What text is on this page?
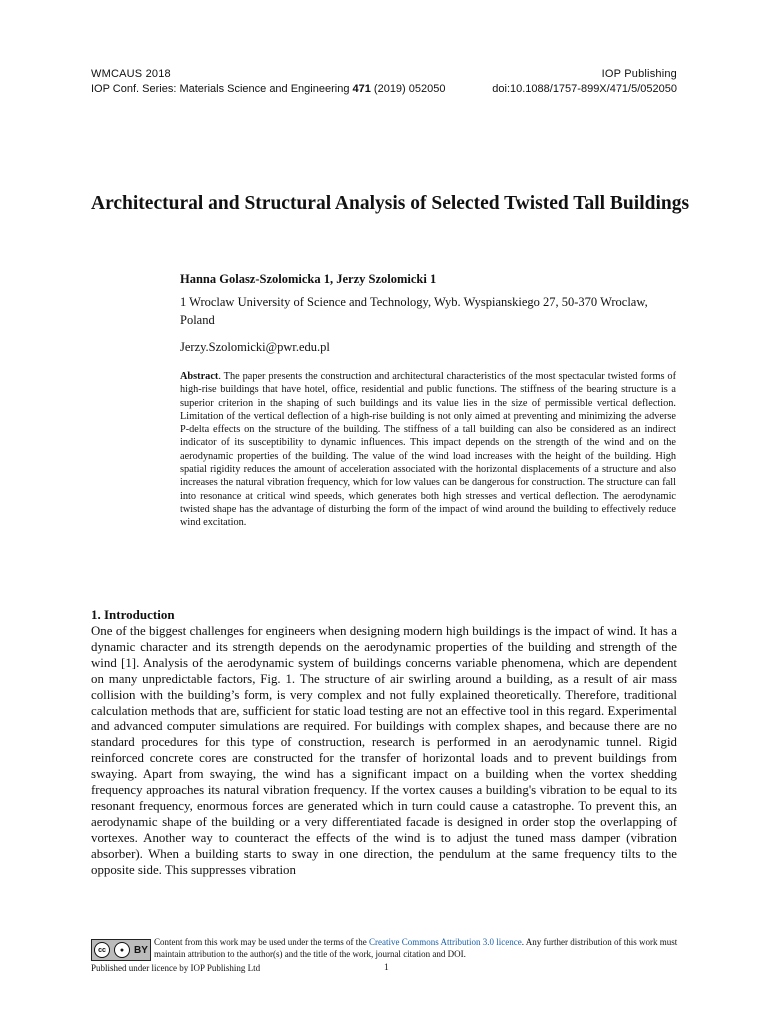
WMCAUS 2018	IOP Publishing
IOP Conf. Series: Materials Science and Engineering 471 (2019) 052050	doi:10.1088/1757-899X/471/5/052050
Architectural and Structural Analysis of Selected Twisted Tall Buildings
Hanna Golasz-Szolomicka 1, Jerzy Szolomicki 1
1 Wroclaw University of Science and Technology, Wyb. Wyspianskiego 27, 50-370 Wroclaw, Poland
Jerzy.Szolomicki@pwr.edu.pl
Abstract. The paper presents the construction and architectural characteristics of the most spectacular twisted forms of high-rise buildings that have hotel, office, residential and public functions. The stiffness of the bearing structure is a superior criterion in the shaping of such buildings and its value lies in the size of permissible vertical deflection. Limitation of the vertical deflection of a high-rise building is not only aimed at preventing and minimizing the adverse P-delta effects on the structure of the building. The stiffness of a tall building can also be considered as an indirect indicator of its susceptibility to dynamic influences. This impact depends on the strength of the wind and on the aerodynamic properties of the building. The value of the wind load increases with the height of the building. High spatial rigidity reduces the amount of acceleration associated with the horizontal displacements of a structure and also increases the natural vibration frequency, which for low values can be dangerous for construction. The structure can fall into resonance at critical wind speeds, which generates both high stresses and vertical deflection. The aerodynamic twisted shape has the advantage of disturbing the form of the impact of wind around the building to effectively reduce wind excitation.
1. Introduction
One of the biggest challenges for engineers when designing modern high buildings is the impact of wind. It has a dynamic character and its strength depends on the aerodynamic properties of the building and strength of the wind [1]. Analysis of the aerodynamic system of buildings concerns variable phenomena, which are dependent on many unpredictable factors, Fig. 1. The structure of air swirling around a building, as a result of air mass collision with the building’s form, is very complex and not fully explained theoretically. Therefore, traditional calculation methods that are, sufficient for static load testing are not an effective tool in this regard. Experimental and advanced computer simulations are required. For buildings with complex shapes, and because there are no standard procedures for this type of construction, research is performed in an aerodynamic tunnel. Rigid reinforced concrete cores are constructed for the transfer of horizontal loads and to prevent buildings from swaying. Apart from swaying, the wind has a significant impact on a building when the vortex shedding frequency approaches its natural vibration frequency. If the vortex causes a building's vibration to be equal to its resonant frequency, enormous forces are generated which in turn could cause a catastrophe. To prevent this, an aerodynamic shape of the building or a very differentiated facade is designed in order stop the overlapping of vortexes. Another way to counteract the effects of the wind is to adjust the tuned mass damper (vibration absorber). When a building starts to sway in one direction, the pendulum at the same frequency tilts to the opposite side. This suppresses vibration
cc	● BY
Content from this work may be used under the terms of the Creative Commons Attribution 3.0 licence. Any further distribution of this work must maintain attribution to the author(s) and the title of the work, journal citation and DOI.
Published under licence by IOP Publishing Ltd	1
